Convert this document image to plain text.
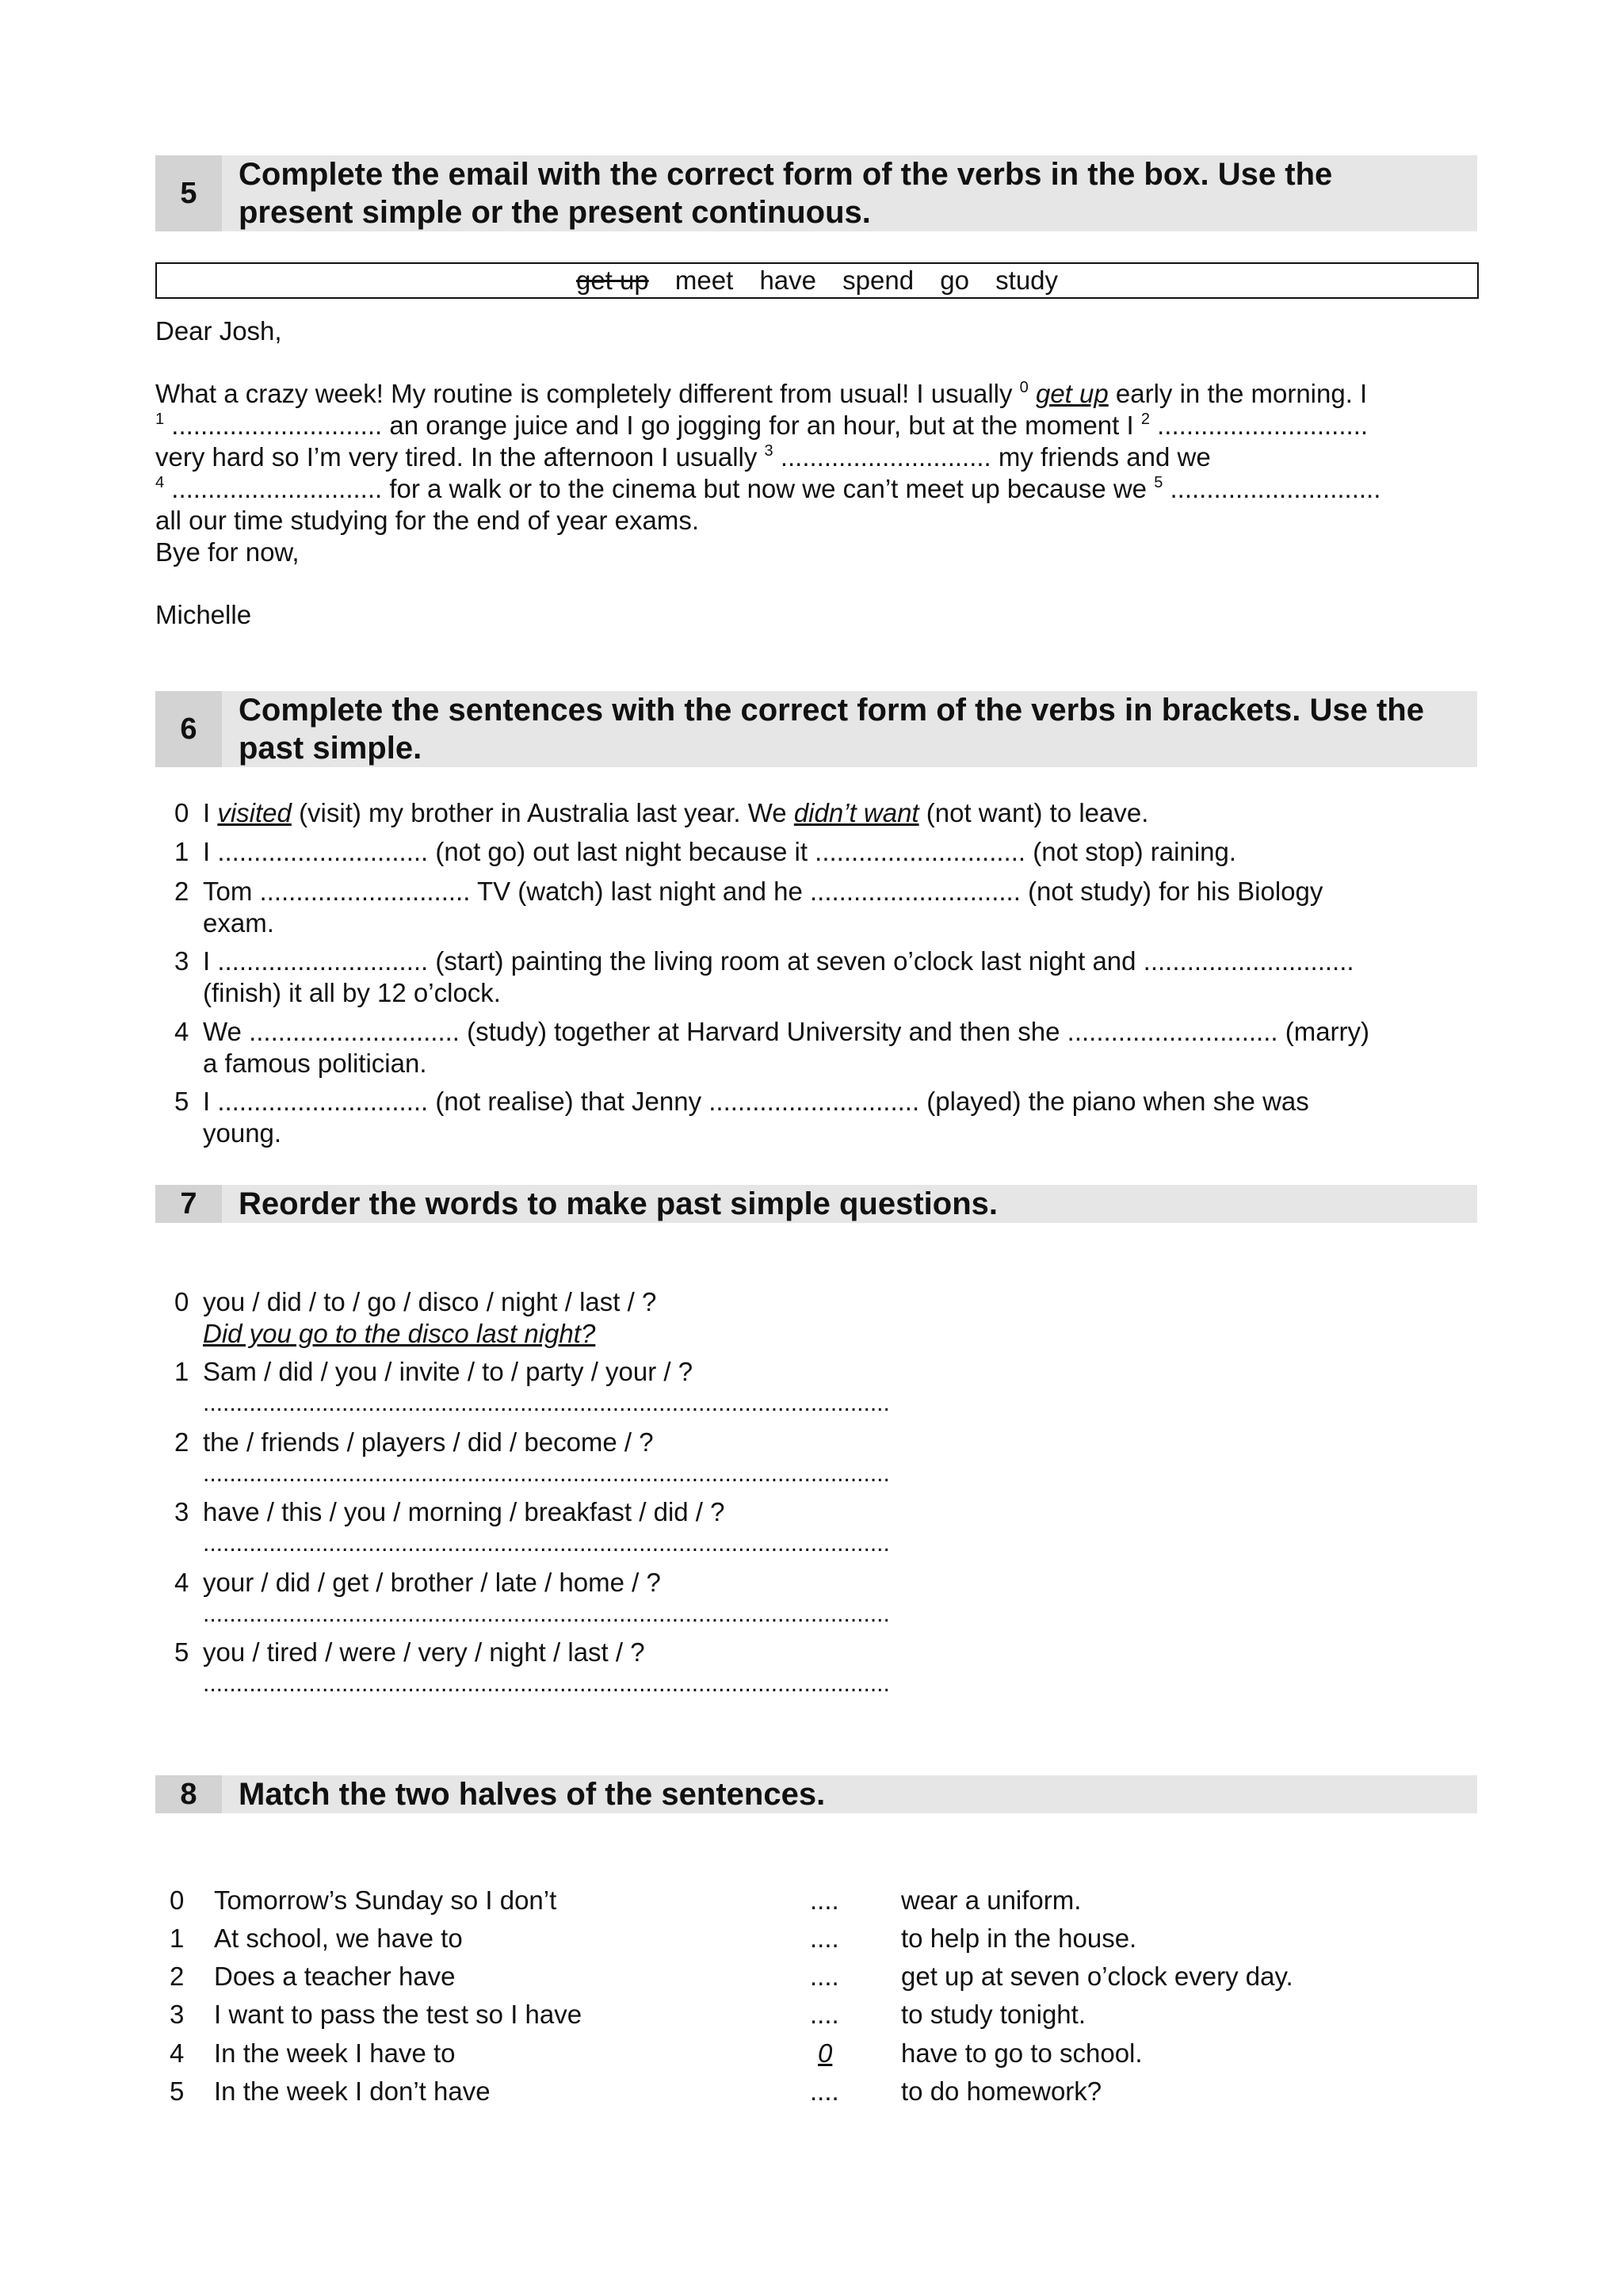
5
Complete the email with the correct form of the verbs in the box. Use the
present simple or the present continuous.
get up meet have spend go study
Dear Josh,
What a crazy week! My routine is completely different from usual! I usually $^0$ get up early in the morning. I
$^1$ ............................. an orange juice and I go jogging for an hour, but at the moment I $^2$ .............................
very hard so I’m very tired. In the afternoon I usually $^3$ ............................. my friends and we
$^4$ ............................. for a walk or to the cinema but now we can’t meet up because we $^5$ .............................
all our time studying for the end of year exams.
Bye for now,
Michelle
6
Complete the sentences with the correct form of the verbs in brackets. Use the
past simple.
0 I visited (visit) my brother in Australia last year. We didn’t want (not want) to leave.
1 I ............................. (not go) out last night because it ............................. (not stop) raining.
2 Tom ............................. TV (watch) last night and he ............................. (not study) for his Biology
exam.
3 I ............................. (start) painting the living room at seven o’clock last night and .............................
(finish) it all by 12 o’clock.
4 We ............................. (study) together at Harvard University and then she ............................. (marry)
a famous politician.
5 I ............................. (not realise) that Jenny ............................. (played) the piano when she was
young.
7	Reorder the words to make past simple questions.
0 you / did / to / go / disco / night / last / ?
Did you go to the disco last night?
1 Sam / did / you / invite / to / party / your / ?
........................................................................................................
2 the / friends / players / did / become / ?
........................................................................................................
3 have / this / you / morning / breakfast / did / ?
........................................................................................................
4 your / did / get / brother / late / home / ?
........................................................................................................
5 you / tired / were / very / night / last / ?
........................................................................................................
8	Match the two halves of the sentences.
0	Tomorrow’s Sunday so I don’t	.... wear a uniform.
1	At school, we have to	.... to help in the house.
2	Does a teacher have	.... get up at seven o’clock every day.
3	I want to pass the test so I have	.... to study tonight.
4	In the week I have to	0	have to go to school.
5	In the week I don’t have	.... to do homework?
